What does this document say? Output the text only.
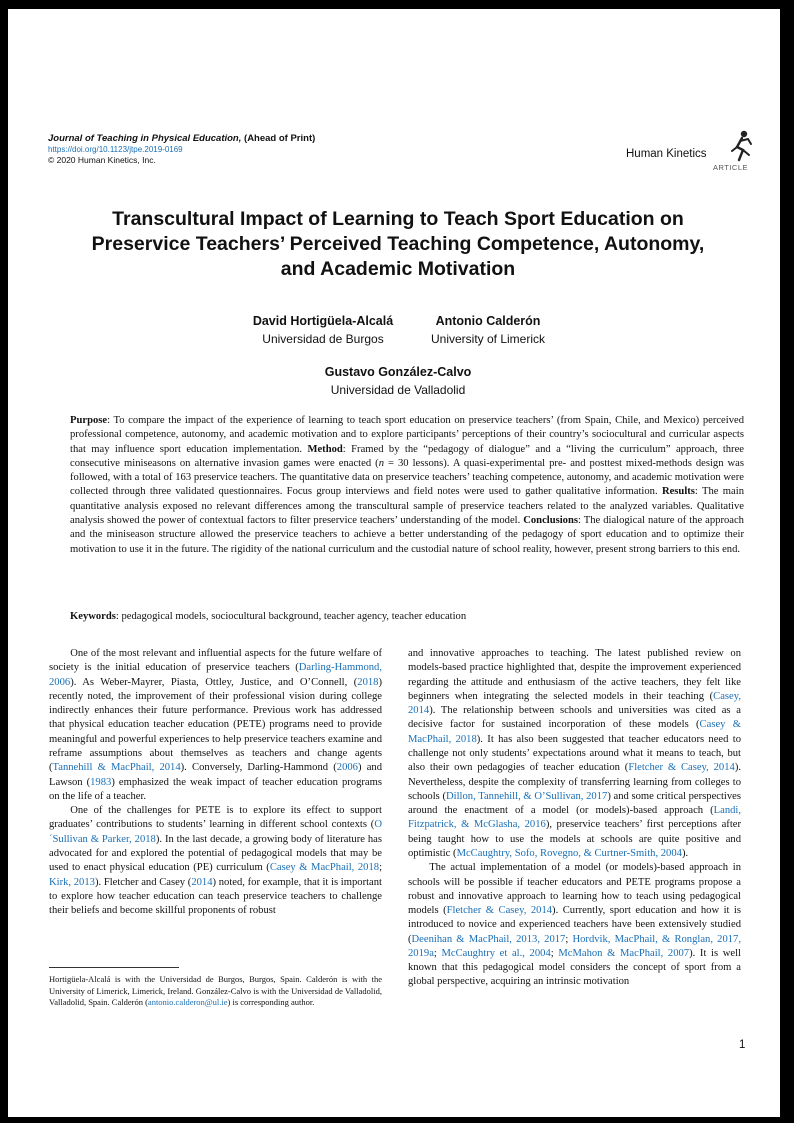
Journal of Teaching in Physical Education, (Ahead of Print)
https://doi.org/10.1123/jtpe.2019-0169
© 2020 Human Kinetics, Inc.	Human Kinetics
ARTICLE
Transcultural Impact of Learning to Teach Sport Education on Preservice Teachers’ Perceived Teaching Competence, Autonomy, and Academic Motivation
David Hortigüela-Alcalá
Universidad de Burgos
Antonio Calderón
University of Limerick
Gustavo González-Calvo
Universidad de Valladolid
Purpose: To compare the impact of the experience of learning to teach sport education on preservice teachers’ (from Spain, Chile, and Mexico) perceived professional competence, autonomy, and academic motivation and to explore participants’ perceptions of their country’s sociocultural and curricular aspects that may influence sport education implementation. Method: Framed by the “pedagogy of dialogue” and a “living the curriculum” approach, three consecutive miniseasons on alternative invasion games were enacted (n = 30 lessons). A quasi-experimental pre- and posttest mixed-methods design was followed, with a total of 163 preservice teachers. The quantitative data on preservice teachers’ teaching competence, autonomy, and academic motivation were collected through three validated questionnaires. Focus group interviews and field notes were used to gather qualitative information. Results: The main quantitative analysis exposed no relevant differences among the transcultural sample of preservice teachers related to the analyzed variables. Qualitative analysis showed the power of contextual factors to filter preservice teachers’ understanding of the model. Conclusions: The dialogical nature of the approach and the miniseason structure allowed the preservice teachers to achieve a better understanding of the pedagogy of sport education and to optimize their motivation to use it in the future. The rigidity of the national curriculum and the custodial nature of school reality, however, present strong barriers to this end.
Keywords: pedagogical models, sociocultural background, teacher agency, teacher education

One of the most relevant and influential aspects for the future welfare of society is the initial education of preservice teachers (Darling-Hammond, 2006). As Weber-Mayrer, Piasta, Ottley, Justice, and O’Connell, (2018) recently noted, the improvement of their professional vision during college indirectly enhances their future performance. Previous work has addressed that physical education teacher education (PETE) programs need to provide meaningful and powerful experiences to help preservice teachers examine and reframe assumptions about themselves as teachers and change agents (Tannehill & MacPhail, 2014). Conversely, Darling-Hammond (2006) and Lawson (1983) emphasized the weak impact of teacher education programs on the life of a teacher.

One of the challenges for PETE is to explore its effect to support graduates’ contributions to students’ learning in different school contexts (O´Sullivan & Parker, 2018). In the last decade, a growing body of literature has advocated for and explored the potential of pedagogical models that may be used to enact physical education (PE) curriculum (Casey & MacPhail, 2018; Kirk, 2013). Fletcher and Casey (2014) noted, for example, that it is important to explore how teacher education can teach preservice teachers to challenge their beliefs and become skillful proponents of robust

and innovative approaches to teaching. The latest published review on models-based practice highlighted that, despite the improvement experienced regarding the attitude and enthusiasm of the active teachers, they felt like beginners when integrating the selected models in their teaching (Casey, 2014). The relationship between schools and universities was cited as a decisive factor for sustained incorporation of these models (Casey & MacPhail, 2018). It has also been suggested that teacher educators need to challenge not only students’ expectations around what it means to teach, but also their own pedagogies of teacher education (Fletcher & Casey, 2014). Nevertheless, despite the complexity of transferring learning from colleges to schools (Dillon, Tannehill, & O’Sullivan, 2017) and some critical perspectives around the enactment of a model (or models)-based approach (Landi, Fitzpatrick, & McGlasha, 2016), preservice teachers’ first perceptions after being taught how to use the models at schools are quite positive and optimistic (McCaughtry, Sofo, Rovegno, & Curtner-Smith, 2004).

The actual implementation of a model (or models)-based approach in schools will be possible if teacher educators and PETE programs propose a robust and innovative approach to learning how to teach using pedagogical models (Fletcher & Casey, 2014). Currently, sport education and how it is introduced to novice and experienced teachers have been extensively studied (Deenihan & MacPhail, 2013, 2017; Hordvik, MacPhail, & Ronglan, 2017, 2019a; McCaughtry et al., 2004; McMahon & MacPhail, 2007). It is well known that this pedagogical model considers the concept of sport from a global perspective, acquiring an intrinsic motivation

Hortigüela-Alcalá is with the Universidad de Burgos, Burgos, Spain. Calderón is with the University of Limerick, Limerick, Ireland. González-Calvo is with the Universidad de Valladolid, Valladolid, Spain. Calderón (antonio.calderon@ul.ie) is corresponding author.
1
